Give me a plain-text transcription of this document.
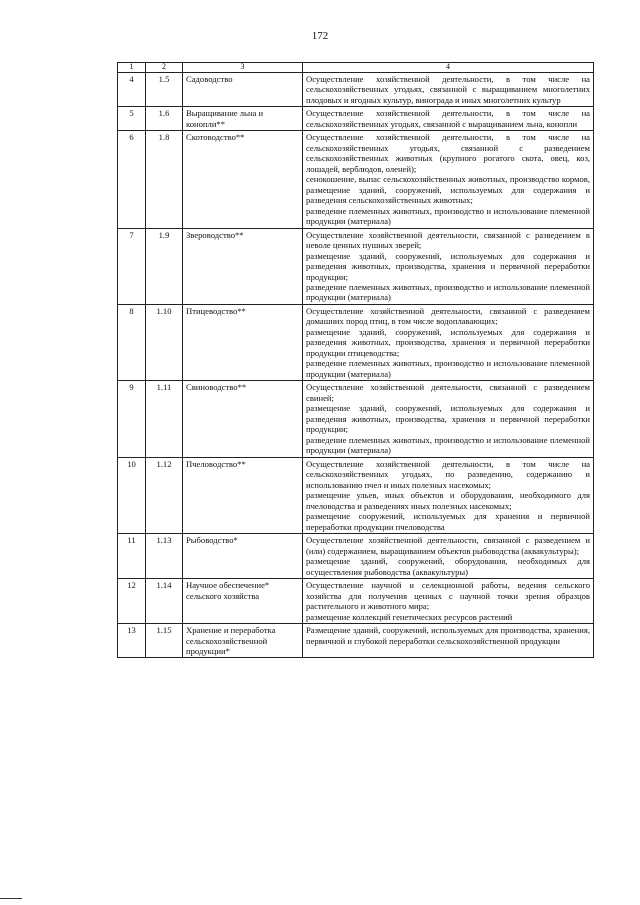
172
1	2	3	4
4	1.5	Садоводство	Осуществление хозяйственной деятельности, в том числе на сельскохозяйственных угодьях, связанной с выращиванием многолетних плодовых и ягодных культур, винограда и иных многолетних культур

5	1.6	Выращивание льна и конопли**	Осуществление хозяйственной деятельности, в том числе на сельскохозяйственных угодьях, связанной с выращиванием льна, конопли

6	1.8	Скотоводство**	Осуществление хозяйственной деятельности, в том числе на сельскохозяйственных угодьях, связанной с разведением сельскохозяйственных животных (крупного рогатого скота, овец, коз, лошадей, верблюдов, оленей);
сенокошение, выпас сельскохозяйственных животных, производство кормов, размещение зданий, сооружений, используемых для содержания и разведения сельскохозяйственных животных;
разведение племенных животных, производство и использование племенной продукции (материала)

7	1.9	Звероводство**	Осуществление хозяйственной деятельности, связанной с разведением в неволе ценных пушных зверей;
размещение зданий, сооружений, используемых для содержания и разведения животных, производства, хранения и первичной переработки продукции;
разведение племенных животных, производство и использование племенной продукции (материала)

8	1.10	Птицеводство**	Осуществление хозяйственной деятельности, связанной с разведением домашних пород птиц, в том числе водоплавающих;
размещение зданий, сооружений, используемых для содержания и разведения животных, производства, хранения и первичной переработки продукции птицеводства;
разведение племенных животных, производство и использование племенной продукции (материала)

9	1.11	Свиноводство**	Осуществление хозяйственной деятельности, связанной с разведением свиней;
размещение зданий, сооружений, используемых для содержания и разведения животных, производства, хранения и первичной переработки продукции;
разведение племенных животных, производство и использование племенной продукции (материала)

10	1.12	Пчеловодство**	Осуществление хозяйственной деятельности, в том числе на сельскохозяйственных угодьях, по разведению, содержанию и использованию пчел и иных полезных насекомых;
размещение ульев, иных объектов и оборудования, необходимого для пчеловодства и разведениях иных полезных насекомых;
размещение сооружений, используемых для хранения и первичной переработки продукции пчеловодства

11	1.13	Рыбоводство*	Осуществление хозяйственной деятельности, связанной с разведением и (или) содержанием, выращиванием объектов рыбоводства (аквакультуры);
размещение зданий, сооружений, оборудования, необходимых для осуществления рыбоводства (аквакультуры)

12	1.14	Научное обеспечение* сельского хозяйства	Осуществление научной и селекционной работы, ведения сельского хозяйства для получения ценных с научной точки зрения образцов растительного и животного мира;
размещение коллекций генетических ресурсов растений

13	1.15	Хранение и переработка сельскохозяйственной продукции*	Размещение зданий, сооружений, используемых для производства, хранения, первичной и глубокой переработки сельскохозяйственной продукции
